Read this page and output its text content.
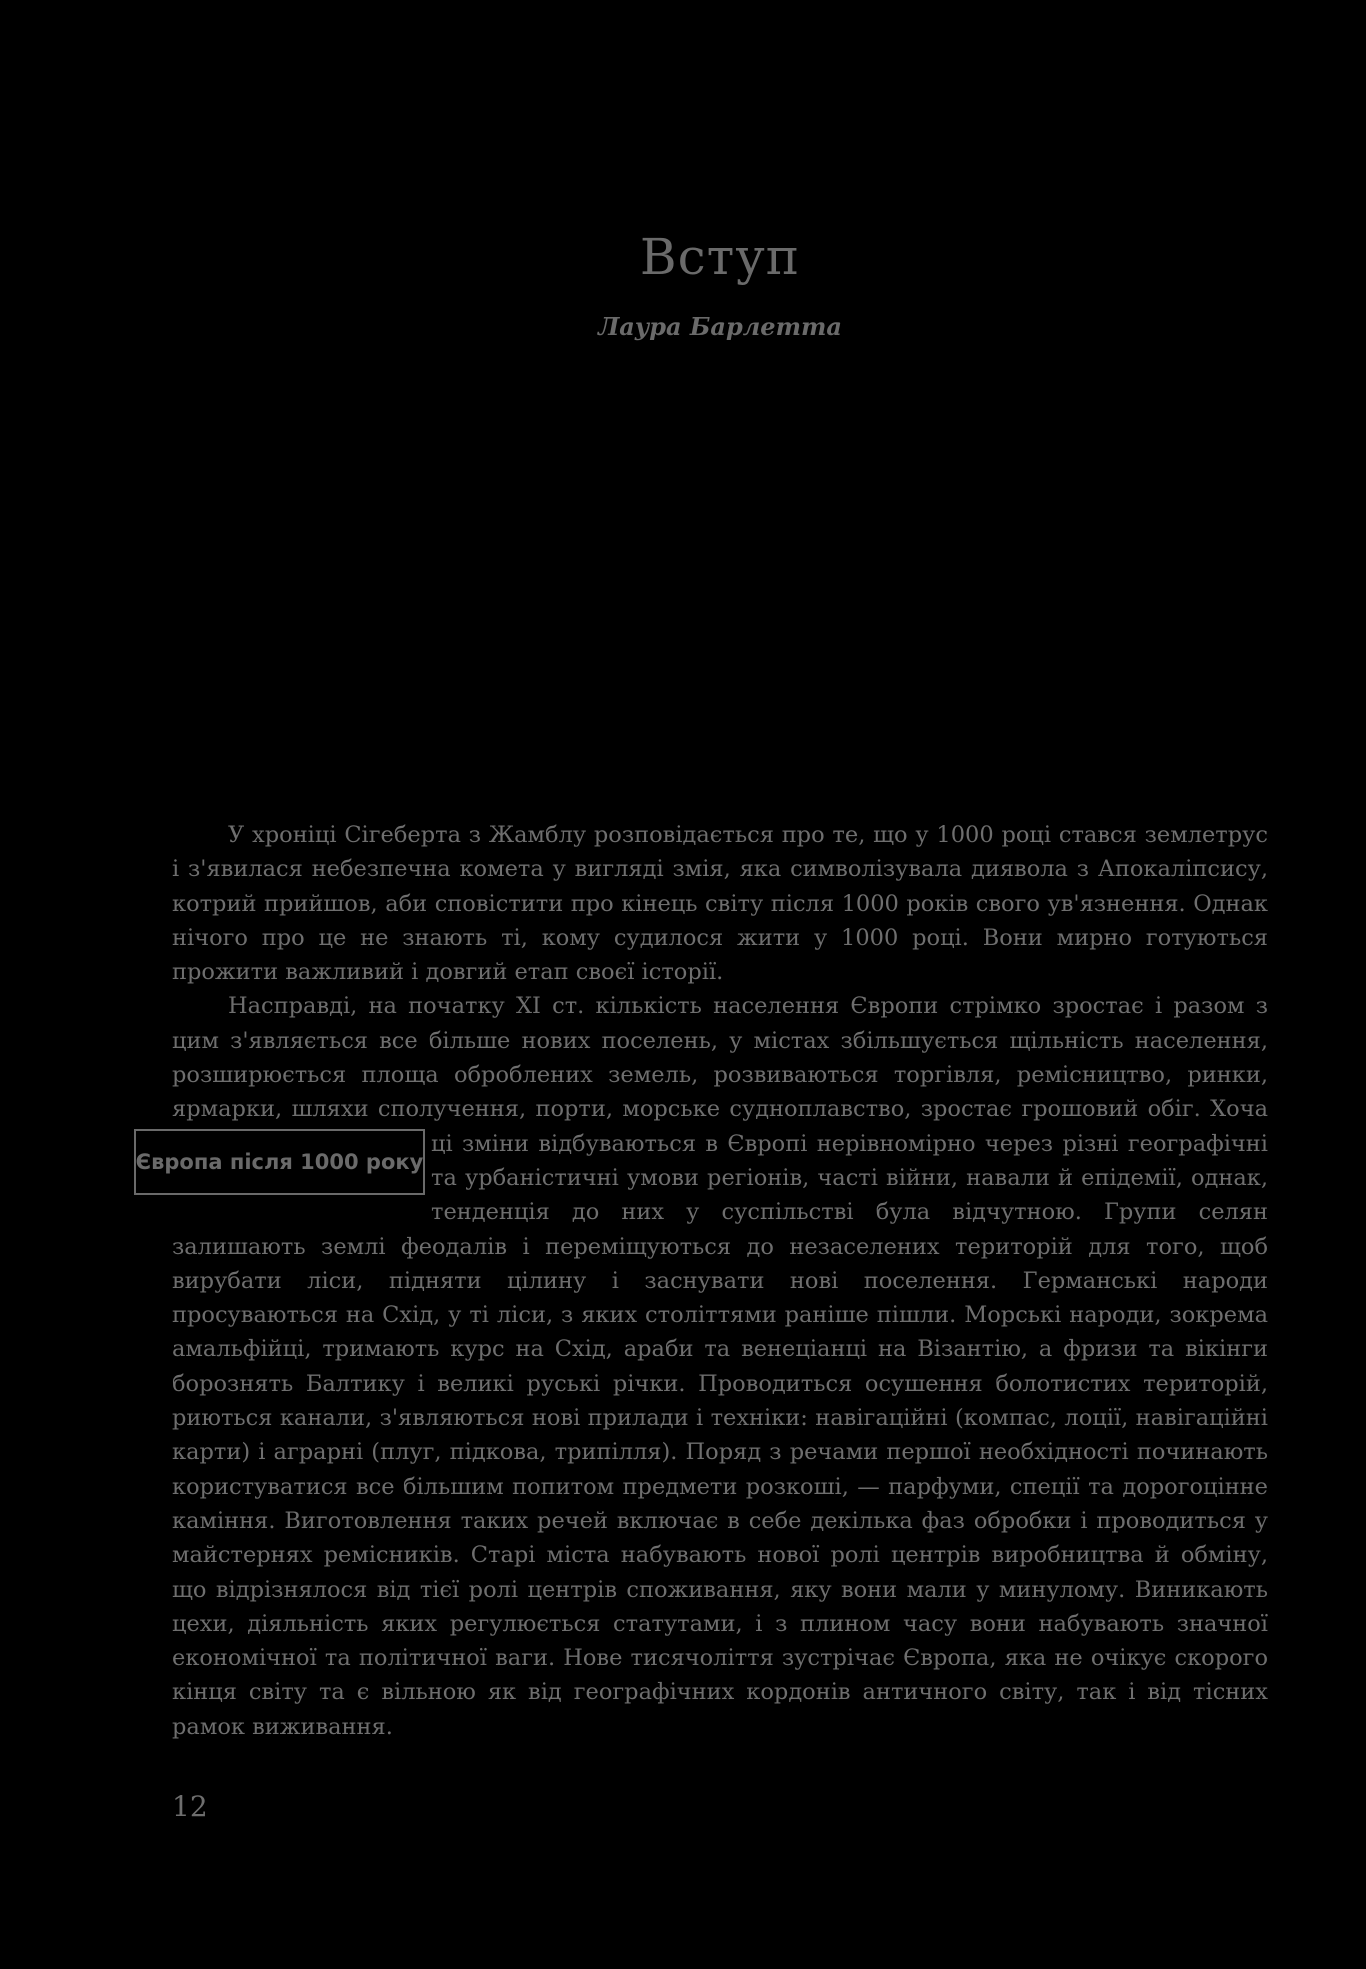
Вступ

Лаура Барлетта

У хроніці Сігеберта з Жамблу розповідається про те, що у 1000 році стався землетрус і з'явилася небезпечна комета у вигляді змія, яка символізувала диявола з Апокаліпсису, котрий прийшов, аби сповістити про кінець світу після 1000 років свого ув'язнення. Однак нічого про це не знають ті, кому судилося жити у 1000 році. Вони мирно готуються прожити важливий і довгий етап своєї історії.

Насправді, на початку XI ст. кількість населення Європи стрімко зростає і разом з цим з'являється все більше нових поселень, у містах збільшується щільність населення, розширюється площа оброблених земель, розвиваються торгівля, ремісництво, ринки, ярмарки, шляхи сполучення, порти, морське судноплавство, зростає грошовий обіг. Хоча ці зміни відбуваються в Європі нерівномірно через різні геогра
Європа після 1000 року
фічні та урбаністичні умови регіонів, часті війни, навали й епідемії, однак, тенденція до них у суспільстві була відчутною. Групи селян залишають землі феодалів і переміщуються до незаселених територій для того, щоб вирубати ліси, підняти цілину і заснувати нові поселення. Германські народи просуваються на Схід, у ті ліси, з яких століттями раніше пішли. Морські народи, зокрема амальфійці, тримають курс на Схід, араби та венеціанці на Візантію, а фризи та вікінги борознять Балтику і великі руські річки. Проводиться осушення болотистих територій, риються канали, з'являються нові прилади і техніки: навігаційні (компас, лоції, навігаційні карти) і аграрні (плуг, підкова, трипілля). Поряд з речами першої необхідності починають користуватися все більшим попитом предмети розкоші, — парфуми, спеції та дорогоцінне каміння. Виготовлення таких речей включає в себе декілька фаз обробки і проводиться у майстернях ремісників. Старі міста набувають нової ролі центрів виробництва й обміну, що відрізнялося від тієї ролі центрів споживання, яку вони мали у минулому. Виникають цехи, діяльність яких регулюється статутами, і з плином часу вони набувають значної економічної та політичної ваги. Нове тисячоліття зустрічає Європа, яка не очікує скорого кінця світу та є вільною як від географічних кордонів античного світу, так і від тісних рамок виживання.

12
